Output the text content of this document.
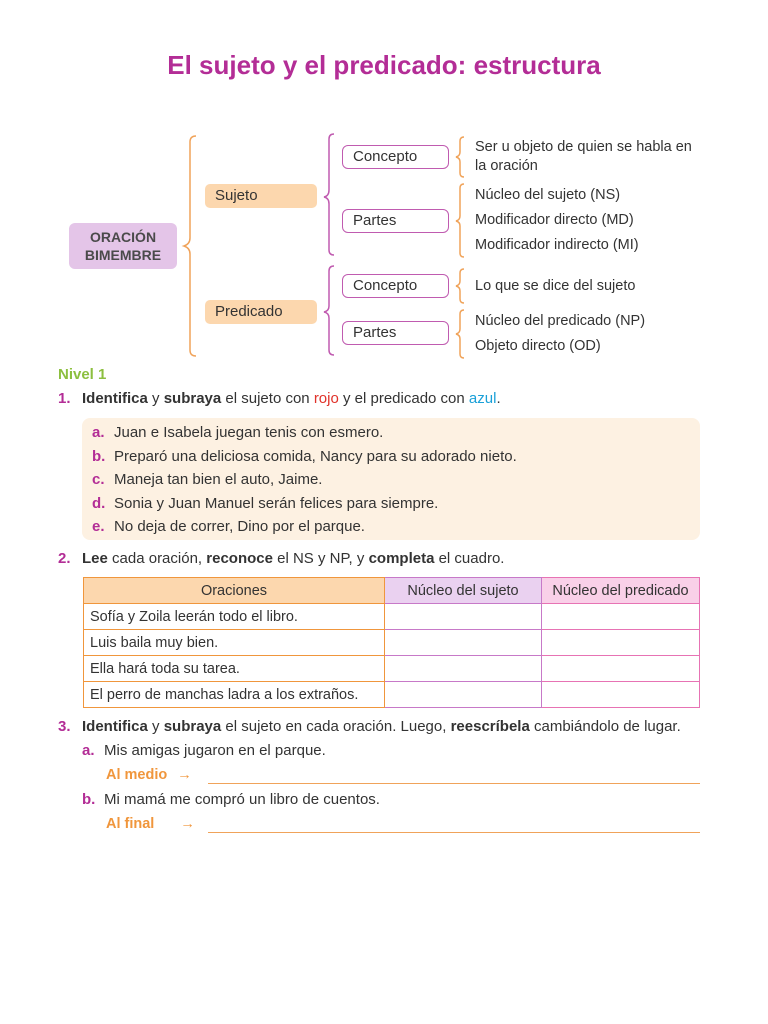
El sujeto y el predicado: estructura
ORACIÓN
BIMEMBRE
Sujeto
Predicado
Concepto
Partes
Concepto
Partes
Ser u objeto de quien se habla en
la oración
Núcleo del sujeto (NS)
Modificador directo (MD)
Modificador indirecto (MI)
Lo que se dice del sujeto
Núcleo del predicado (NP)
Objeto directo (OD)
Nivel 1
1. Identifica y subraya el sujeto con rojo y el predicado con azul.
a. Juan e Isabela juegan tenis con esmero.
b. Preparó una deliciosa comida, Nancy para su adorado nieto.
c. Maneja tan bien el auto, Jaime.
d. Sonia y Juan Manuel serán felices para siempre.
e. No deja de correr, Dino por el parque.
2. Lee cada oración, reconoce el NS y NP, y completa el cuadro.
Oraciones	Núcleo del sujeto	Núcleo del predicado
Sofía y Zoila leerán todo el libro.		
Luis baila muy bien.		
Ella hará toda su tarea.		
El perro de manchas ladra a los extraños.		
3. Identifica y subraya el sujeto en cada oración. Luego, reescríbela cambiándolo de lugar.
a. Mis amigas jugaron en el parque.
Al medio →
b. Mi mamá me compró un libro de cuentos.
Al final →
